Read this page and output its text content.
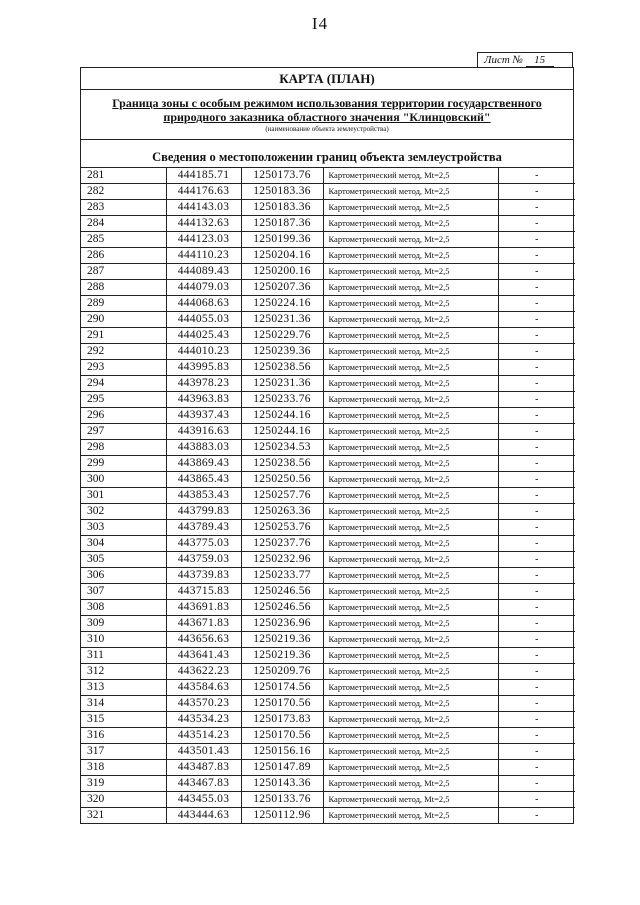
I4
Лист № 15
КАРТА (ПЛАН)
Граница зоны с особым режимом использования территории государственного
природного заказника областного значения "Клинцовский"
(наименование объекта землеустройства)
Сведения о местоположении границ объекта землеустройства
281	444185.71	1250173.76	Картометрический метод, Mt=2,5	-
282	444176.63	1250183.36	Картометрический метод, Mt=2,5	-
283	444143.03	1250183.36	Картометрический метод, Mt=2,5	-
284	444132.63	1250187.36	Картометрический метод, Mt=2,5	-
285	444123.03	1250199.36	Картометрический метод, Mt=2,5	-
286	444110.23	1250204.16	Картометрический метод, Mt=2,5	-
287	444089.43	1250200.16	Картометрический метод, Mt=2,5	-
288	444079.03	1250207.36	Картометрический метод, Mt=2,5	-
289	444068.63	1250224.16	Картометрический метод, Mt=2,5	-
290	444055.03	1250231.36	Картометрический метод, Mt=2,5	-
291	444025.43	1250229.76	Картометрический метод, Mt=2,5	-
292	444010.23	1250239.36	Картометрический метод, Mt=2,5	-
293	443995.83	1250238.56	Картометрический метод, Mt=2,5	-
294	443978.23	1250231.36	Картометрический метод, Mt=2,5	-
295	443963.83	1250233.76	Картометрический метод, Mt=2,5	-
296	443937.43	1250244.16	Картометрический метод, Mt=2,5	-
297	443916.63	1250244.16	Картометрический метод, Mt=2,5	-
298	443883.03	1250234.53	Картометрический метод, Mt=2,5	-
299	443869.43	1250238.56	Картометрический метод, Mt=2,5	-
300	443865.43	1250250.56	Картометрический метод, Mt=2,5	-
301	443853.43	1250257.76	Картометрический метод, Mt=2,5	-
302	443799.83	1250263.36	Картометрический метод, Mt=2,5	-
303	443789.43	1250253.76	Картометрический метод, Mt=2,5	-
304	443775.03	1250237.76	Картометрический метод, Mt=2,5	-
305	443759.03	1250232.96	Картометрический метод, Mt=2,5	-
306	443739.83	1250233.77	Картометрический метод, Mt=2,5	-
307	443715.83	1250246.56	Картометрический метод, Mt=2,5	-
308	443691.83	1250246.56	Картометрический метод, Mt=2,5	-
309	443671.83	1250236.96	Картометрический метод, Mt=2,5	-
310	443656.63	1250219.36	Картометрический метод, Mt=2,5	-
311	443641.43	1250219.36	Картометрический метод, Mt=2,5	-
312	443622.23	1250209.76	Картометрический метод, Mt=2,5	-
313	443584.63	1250174.56	Картометрический метод, Mt=2,5	-
314	443570.23	1250170.56	Картометрический метод, Mt=2,5	-
315	443534.23	1250173.83	Картометрический метод, Mt=2,5	-
316	443514.23	1250170.56	Картометрический метод, Mt=2,5	-
317	443501.43	1250156.16	Картометрический метод, Mt=2,5	-
318	443487.83	1250147.89	Картометрический метод, Mt=2,5	-
319	443467.83	1250143.36	Картометрический метод, Mt=2,5	-
320	443455.03	1250133.76	Картометрический метод, Mt=2,5	-
321	443444.63	1250112.96	Картометрический метод, Mt=2,5	-
